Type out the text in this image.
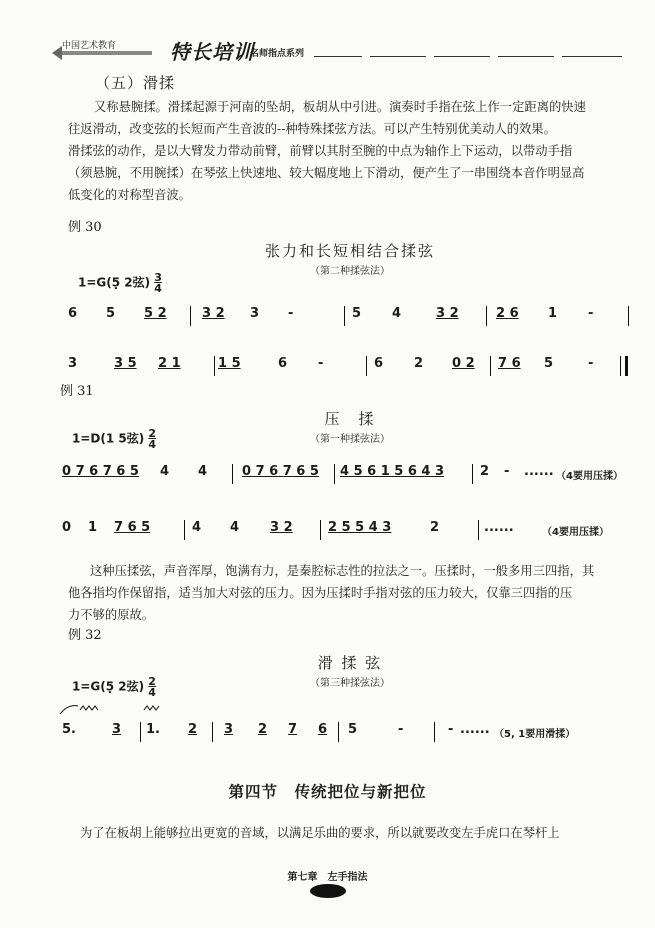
中国艺术教育	特长培训
名师指点系列
（五）滑揉
又称悬腕揉。滑揉起源于河南的坠胡，板胡从中引进。演奏时手指在弦上作一定距离的快速
往返滑动，改变弦的长短而产生音波的--种特殊揉弦方法。可以产生特别优美动人的效果。
滑揉弦的动作，是以大臂发力带动前臂，前臂以其肘至腕的中点为轴作上下运动，以带动手指
（须悬腕，不用腕揉）在琴弦上快速地、较大幅度地上下滑动，便产生了一串围绕本音作明显高
低变化的对称型音波。
例 30
张力和长短相结合揉弦
（第二种揉弦法）
1=G(5̣ 2弦) $\frac{3}{4}$
6 5 5 2	3 2 3 -	5 4	3 2	2 6 1 -
3	3 5 2 1	1 5	6 -	6 2 0 2 7 6 5	-
例 31
压　揉
（第一种揉弦法）
1=D(1 5弦) $\frac{2}{4}$
0 7 6 7 6 5 4 4	0 7 6 7 6 5 4 5 6 1 5 6 4 3	2 - ...... （4要用压揉）
0 1 7 6 5	4 4 3 2	2 5 5 4 3	2	......	（4要用压揉）
这种压揉弦，声音浑厚，饱满有力，是秦腔标志性的拉法之一。压揉时，一般多用三四指，其
他各指均作保留指，适当加大对弦的压力。因为压揉时手指对弦的压力较大，仅靠三四指的压
力不够的原故。
例 32
滑 揉 弦
（第三种揉弦法）
1=G(5̣ 2弦) $\frac{2}{4}$
5.	3 1. 2 3 2 7 6 5	-	- ...... （5, 1要用滑揉）
第四节　传统把位与新把位
为了在板胡上能够拉出更宽的音域，以满足乐曲的要求，所以就要改变左手虎口在琴杆上
第七章　左手指法
